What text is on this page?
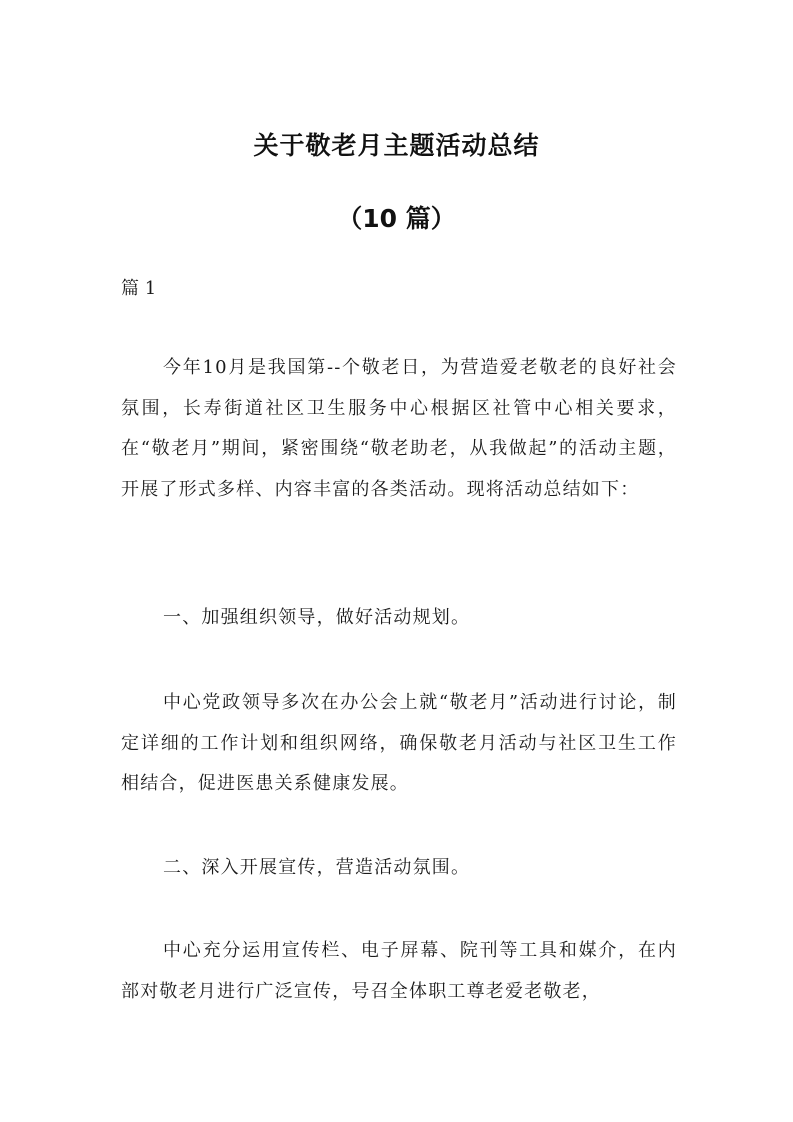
关于敬老月主题活动总结
（10 篇）

篇 1

今年10月是我国第--个敬老日，为营造爱老敬老的良好社会氛围，长寿街道社区卫生服务中心根据区社管中心相关要求，在“敬老月”期间，紧密围绕“敬老助老，从我做起”的活动主题，开展了形式多样、内容丰富的各类活动。现将活动总结如下：

一、加强组织领导，做好活动规划。

中心党政领导多次在办公会上就“敬老月”活动进行讨论，制定详细的工作计划和组织网络，确保敬老月活动与社区卫生工作相结合，促进医患关系健康发展。

二、深入开展宣传，营造活动氛围。

中心充分运用宣传栏、电子屏幕、院刊等工具和媒介，在内部对敬老月进行广泛宣传，号召全体职工尊老爱老敬老，
